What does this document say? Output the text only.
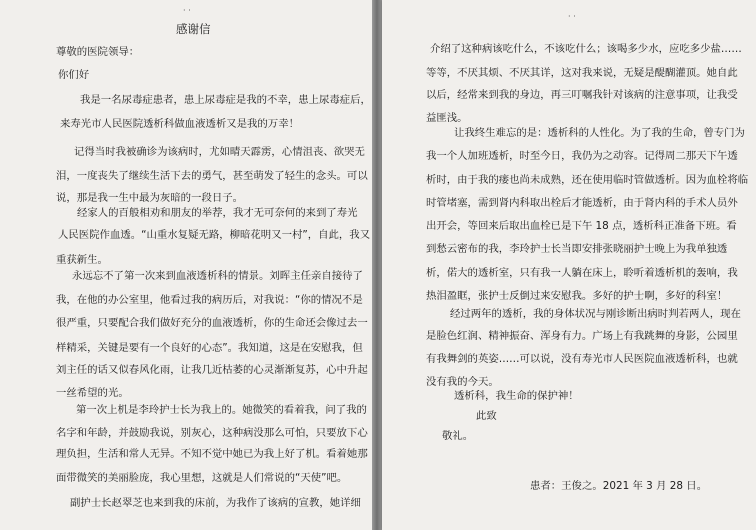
· ·
感谢信
尊敬的医院领导：
你们好
我是一名尿毒症患者，患上尿毒症是我的不幸，患上尿毒症后，
来寿光市人民医院透析科做血液透析又是我的万幸！
记得当时我被确诊为该病时，尤如晴天霹雳，心情沮丧、欲哭无
泪，一度丧失了继续生活下去的勇气，甚至萌发了轻生的念头。可以
说，那是我一生中最为灰暗的一段日子。
经家人的百般相劝和朋友的举荐，我才无可奈何的来到了寿光
人民医院作血透。“山重水复疑无路，柳暗花明又一村”，自此，我又
重获新生。
永远忘不了第一次来到血液透析科的情景。刘晖主任亲自接待了
我，在他的办公室里，他看过我的病历后，对我说：“你的情况不是
很严重，只要配合我们做好充分的血液透析，你的生命还会像过去一
样精采，关键是要有一个良好的心态”。我知道，这是在安慰我，但
刘主任的话又似春风化雨，让我几近枯萎的心灵渐渐复苏，心中升起
一丝希望的光。
第一次上机是李玲护士长为我上的。她微笑的看着我，问了我的
名字和年龄，并鼓励我说，别灰心，这种病没那么可怕，只要放下心
理负担，生活和常人无异。不知不觉中她已为我上好了机。看着她那
面带微笑的美丽脸庞，我心里想，这就是人们常说的“天使”吧。
副护士长赵翠芝也来到我的床前，为我作了该病的宣教，她详细
· ·
介绍了这种病该吃什么，不该吃什么；该喝多少水，应吃多少盐……
等等，不厌其烦、不厌其详，这对我来说，无疑是醍醐灌顶。她自此
以后，经常来到我的身边，再三叮嘱我针对该病的注意事项，让我受
益匪浅。
让我终生难忘的是：透析科的人性化。为了我的生命，曾专门为
我一个人加班透析，时至今日，我仍为之动容。记得周二那天下午透
析时，由于我的瘘也尚未成熟，还在使用临时管做透析。因为血栓将临
时管堵塞，需到肾内科取出栓后才能透析，由于肾内科的手术人员外
出开会，等回来后取出血栓已是下午 18 点，透析科正准备下班。看
到愁云密布的我，李玲护士长当即安排张晓丽护士晚上为我单独透
析，偌大的透析室，只有我一人躺在床上，聆听着透析机的轰响，我
热泪盈眶，张护士反倒过来安慰我。多好的护士啊，多好的科室！
经过两年的透析，我的身体状况与刚诊断出病时判若两人，现在
是脸色红润、精神振奋、浑身有力。广场上有我跳舞的身影，公园里
有我舞剑的英姿……可以说，没有寿光市人民医院血液透析科，也就
没有我的今天。
透析科，我生命的保护神！
此致
敬礼。
患者：王俊之。2021 年 3 月 28 日。
